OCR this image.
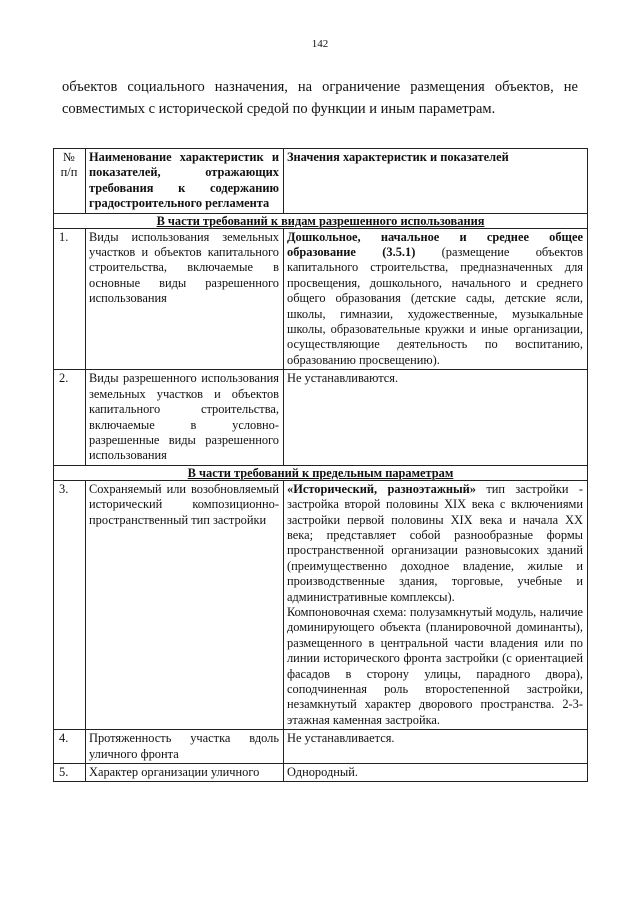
142
объектов социального назначения, на ограничение размещения объектов, не
совместимых с исторической средой по функции и иным параметрам.
№ п/п	Наименование характеристик и показателей, отражающих требования к содержанию градостроительного регламента	Значения характеристик и показателей
В части требований к видам разрешенного использования		
1.	Виды использования земельных участков и объектов капитального строительства, включаемые в основные виды разрешенного использования	Дошкольное, начальное и среднее общее образование (3.5.1) (размещение объектов капитального строительства, предназначенных для просвещения, дошкольного, начального и среднего общего образования (детские сады, детские ясли, школы, гимназии, художественные, музыкальные школы, образовательные кружки и иные организации, осуществляющие деятельность по воспитанию, образованию просвещению).

2.	Виды разрешенного использования земельных участков и объектов капитального строительства, включаемые в условно-разрешенные виды разрешенного использования	Не устанавливаются.
В части требований к предельным параметрам		
3.	Сохраняемый или возобновляемый исторический композиционно-пространственный тип застройки	«Исторический, разноэтажный» тип застройки - застройка второй половины XIX века с включениями застройки первой половины XIX века и начала XX века; представляет собой разнообразные формы пространственной организации разновысоких зданий (преимущественно доходное владение, жилые и производственные здания, торговые, учебные и административные комплексы).

Компоновочная схема: полузамкнутый модуль, наличие доминирующего объекта (планировочной доминанты), размещенного в центральной части владения или по линии исторического фронта застройки (с ориентацией фасадов в сторону улицы, парадного двора), соподчиненная роль второстепенной застройки, незамкнутый характер дворового пространства. 2-3-этажная каменная застройка.

4.	Протяженность участка вдоль уличного фронта	Не устанавливается.
5.	Характер организации уличного	Однородный.
